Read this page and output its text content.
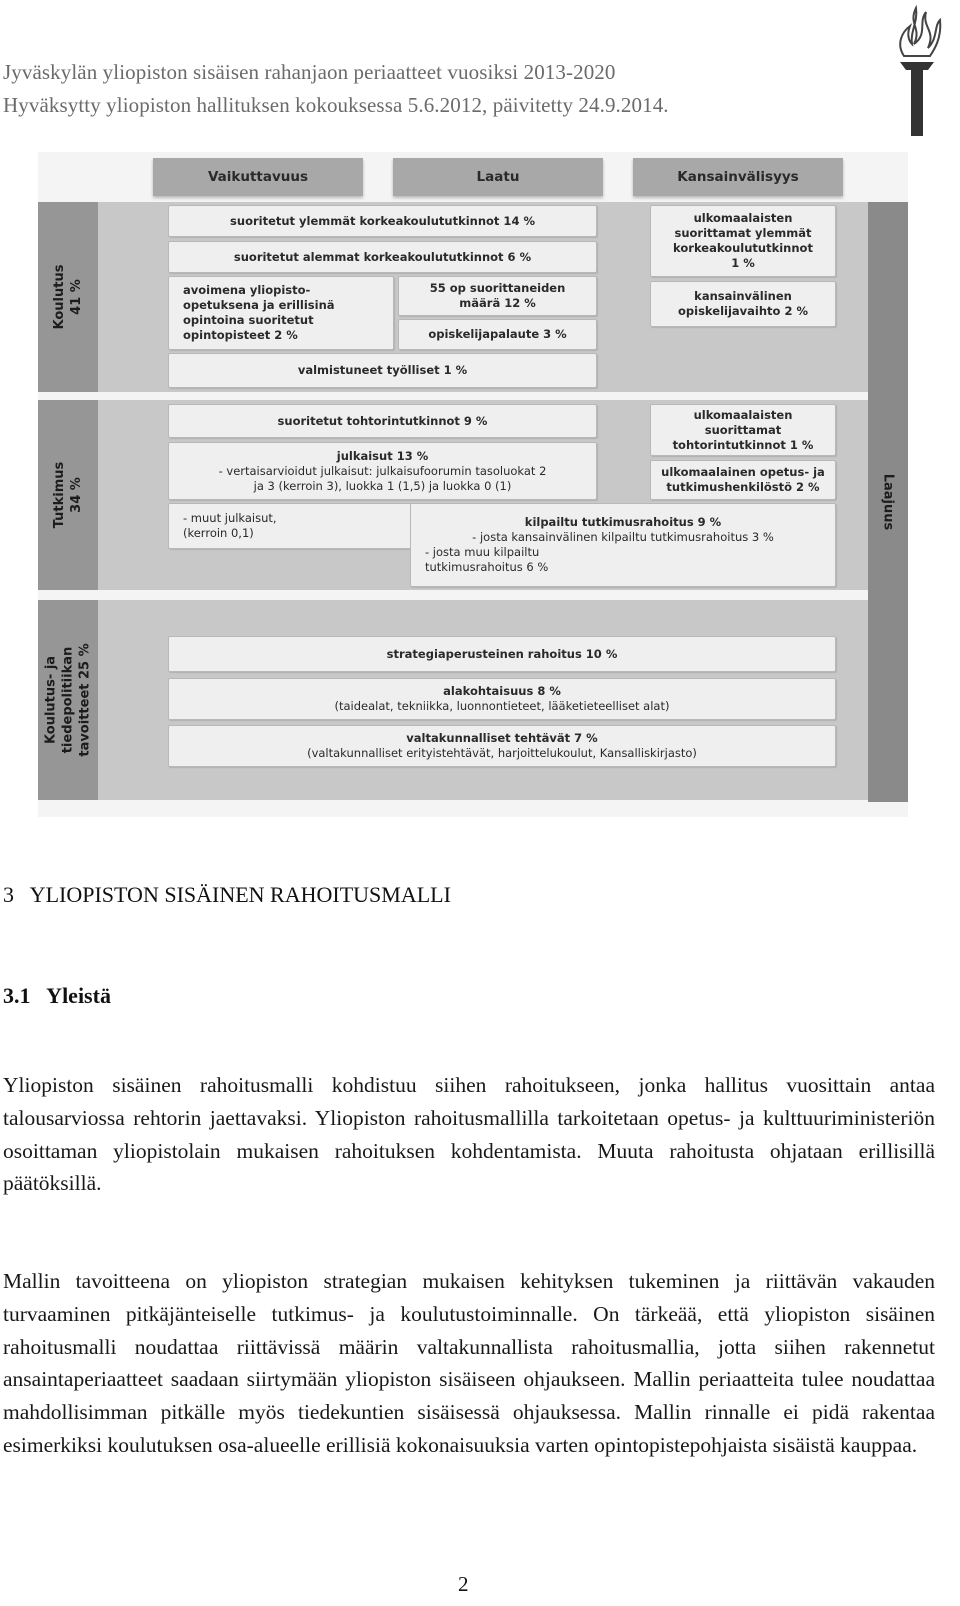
Jyväskylän yliopiston sisäisen rahanjaon periaatteet vuosiksi 2013-2020
Hyväksytty yliopiston hallituksen kokouksessa 5.6.2012, päivitetty 24.9.2014.
Vaikuttavuus	Laatu	Kansainvälisyys
Koulutus
41 %
Tutkimus
34 %
Koulutus- ja
tiedepolitiikan
tavoitteet 25 %
Laajuus
suoritetut ylemmät korkeakoulututkinnot 14 %
suoritetut alemmat korkeakoulututkinnot 6 %
avoimena yliopisto-
opetuksena ja erillisinä
opintoina suoritetut
opintopisteet 2 %
55 op suorittaneiden
määrä 12 %
opiskelijapalaute 3 %
valmistuneet työlliset 1 %
ulkomaalaisten
suorittamat ylemmät
korkeakoulututkinnot
1 %
kansainvälinen
opiskelijavaihto 2 %
suoritetut tohtorintutkinnot 9 %
julkaisut 13 %
- vertaisarvioidut julkaisut: julkaisufoorumin tasoluokat 2
ja 3 (kerroin 3), luokka 1 (1,5) ja luokka 0 (1)
- muut julkaisut,
(kerroin 0,1)
ulkomaalaisten
suorittamat
tohtorintutkinnot 1 %
ulkomaalainen opetus- ja
tutkimushenkilöstö 2 %
kilpailtu tutkimusrahoitus 9 %
- josta kansainvälinen kilpailtu tutkimusrahoitus 3 %
- josta muu kilpailtu
tutkimusrahoitus 6 %
strategiaperusteinen rahoitus 10 %
alakohtaisuus 8 %
(taidealat, tekniikka, luonnontieteet, lääketieteelliset alat)
valtakunnalliset tehtävät 7 %
(valtakunnalliset erityistehtävät, harjoittelukoulut, Kansalliskirjasto)
3   YLIOPISTON SISÄINEN RAHOITUSMALLI
3.1   Yleistä
Yliopiston sisäinen rahoitusmalli kohdistuu siihen rahoitukseen, jonka hallitus vuosittain antaa talousarviossa rehtorin jaettavaksi. Yliopiston rahoitusmallilla tarkoitetaan opetus- ja kulttuuriministeriön osoittaman yliopistolain mukaisen rahoituksen kohdentamista. Muuta rahoitusta ohjataan erillisillä päätöksillä.
Mallin tavoitteena on yliopiston strategian mukaisen kehityksen tukeminen ja riittävän vakauden turvaaminen pitkäjänteiselle tutkimus- ja koulutustoiminnalle. On tärkeää, että yliopiston sisäinen rahoitusmalli noudattaa riittävissä määrin valtakunnallista rahoitusmallia, jotta siihen rakennetut ansaintaperiaatteet saadaan siirtymään yliopiston sisäiseen ohjaukseen. Mallin periaatteita tulee noudattaa mahdollisimman pitkälle myös tiedekuntien sisäisessä ohjauksessa. Mallin rinnalle ei pidä rakentaa esimerkiksi koulutuksen osa-alueelle erillisiä kokonaisuuksia varten opintopistepohjaista sisäistä kauppaa.
2
